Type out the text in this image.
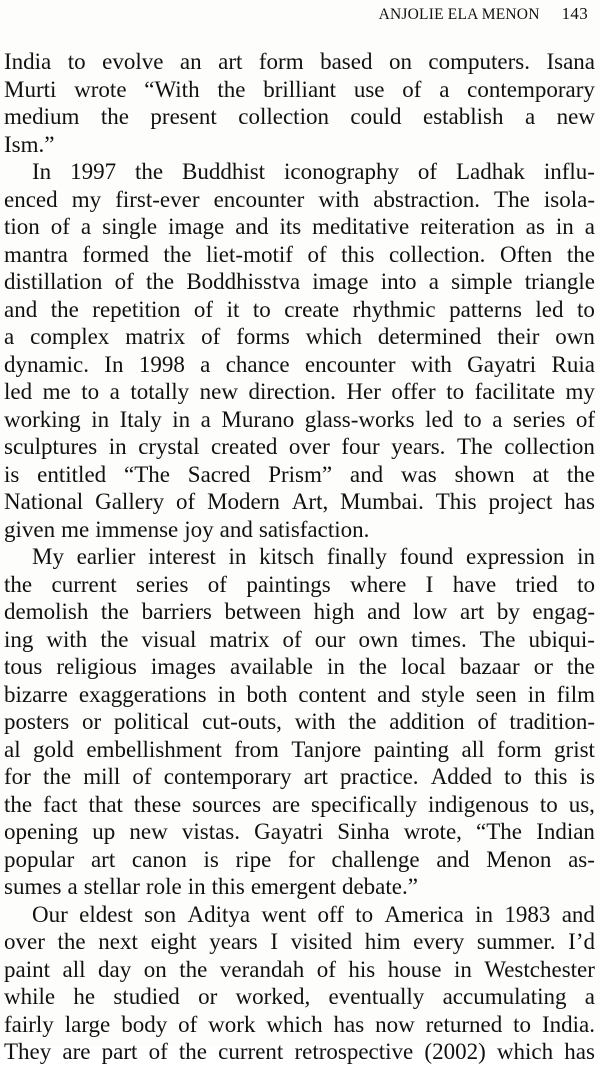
ANJOLIE ELA MENON 143
India to evolve an art form based on computers. Isana
Murti wrote “With the brilliant use of a contemporary
medium the present collection could establish a new
Ism.”
In 1997 the Buddhist iconography of Ladhak influ-
enced my first-ever encounter with abstraction. The isola-
tion of a single image and its meditative reiteration as in a
mantra formed the liet-motif of this collection. Often the
distillation of the Boddhisstva image into a simple triangle
and the repetition of it to create rhythmic patterns led to
a complex matrix of forms which determined their own
dynamic. In 1998 a chance encounter with Gayatri Ruia
led me to a totally new direction. Her offer to facilitate my
working in Italy in a Murano glass-works led to a series of
sculptures in crystal created over four years. The collection
is entitled “The Sacred Prism” and was shown at the
National Gallery of Modern Art, Mumbai. This project has
given me immense joy and satisfaction.
My earlier interest in kitsch finally found expression in
the current series of paintings where I have tried to
demolish the barriers between high and low art by engag-
ing with the visual matrix of our own times. The ubiqui-
tous religious images available in the local bazaar or the
bizarre exaggerations in both content and style seen in film
posters or political cut-outs, with the addition of tradition-
al gold embellishment from Tanjore painting all form grist
for the mill of contemporary art practice. Added to this is
the fact that these sources are specifically indigenous to us,
opening up new vistas. Gayatri Sinha wrote, “The Indian
popular art canon is ripe for challenge and Menon as-
sumes a stellar role in this emergent debate.”
Our eldest son Aditya went off to America in 1983 and
over the next eight years I visited him every summer. I’d
paint all day on the verandah of his house in Westchester
while he studied or worked, eventually accumulating a
fairly large body of work which has now returned to India.
They are part of the current retrospective (2002) which has
